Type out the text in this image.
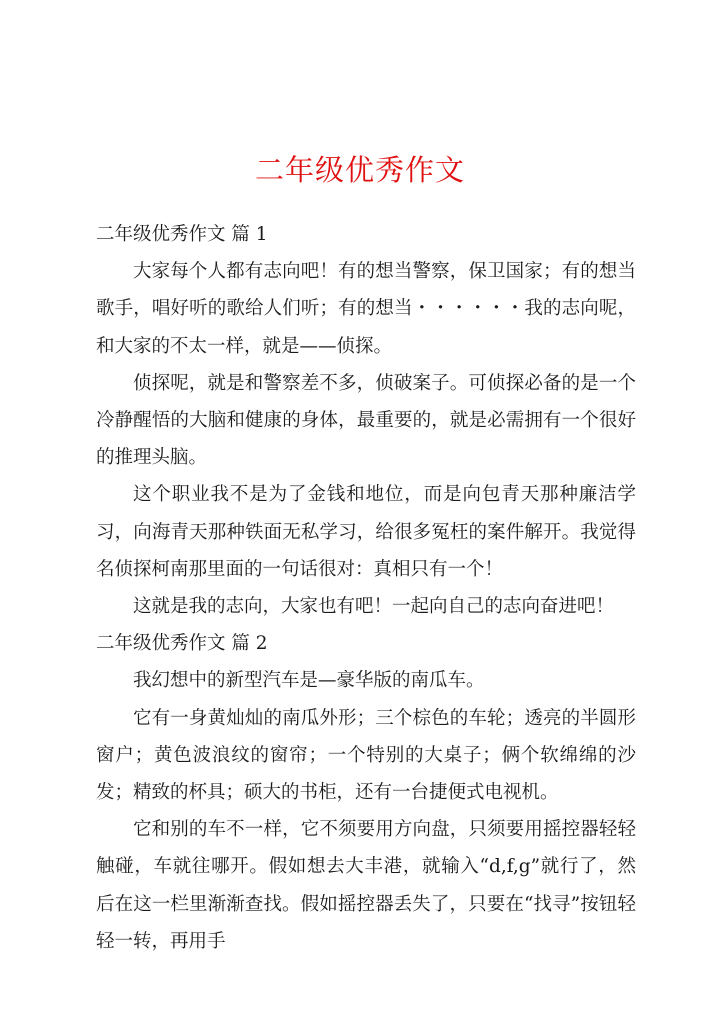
二年级优秀作文

二年级优秀作文 篇 1

大家每个人都有志向吧！有的想当警察，保卫国家；有的想当歌手，唱好听的歌给人们听；有的想当・・・・・・我的志向呢，和大家的不太一样，就是——侦探。

侦探呢，就是和警察差不多，侦破案子。可侦探必备的是一个冷静醒悟的大脑和健康的身体，最重要的，就是必需拥有一个很好的推理头脑。

这个职业我不是为了金钱和地位，而是向包青天那种廉洁学习，向海青天那种铁面无私学习，给很多冤枉的案件解开。我觉得名侦探柯南那里面的一句话很对：真相只有一个！

这就是我的志向，大家也有吧！一起向自己的志向奋进吧！

二年级优秀作文 篇 2

我幻想中的新型汽车是—豪华版的南瓜车。

它有一身黄灿灿的南瓜外形；三个棕色的车轮；透亮的半圆形窗户；黄色波浪纹的窗帘；一个特别的大桌子；俩个软绵绵的沙发；精致的杯具；硕大的书柜，还有一台捷便式电视机。

它和别的车不一样，它不须要用方向盘，只须要用摇控器轻轻触碰，车就往哪开。假如想去大丰港，就输入“d,f,g”就行了，然后在这一栏里渐渐查找。假如摇控器丢失了，只要在“找寻”按钮轻轻一转，再用手
